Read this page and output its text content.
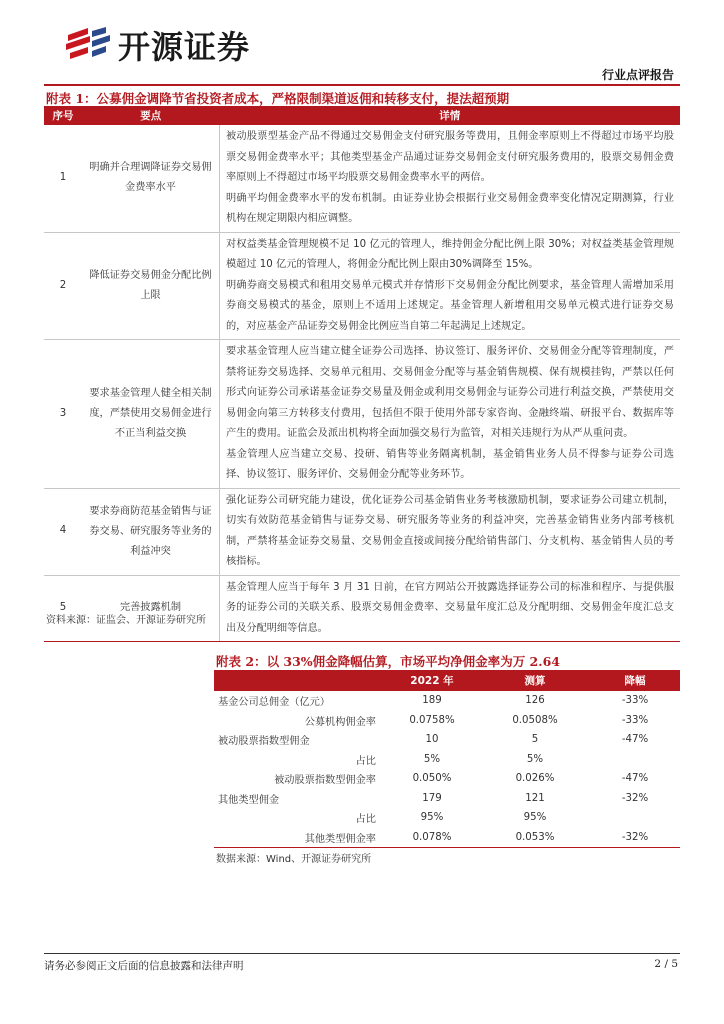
开源证券
行业点评报告
附表 1：公募佣金调降节省投资者成本，严格限制渠道返佣和转移支付，提法超预期
序号	要点	详情
1	明确并合理调降证券交易佣金费率水平	被动股票型基金产品不得通过交易佣金支付研究服务等费用，且佣金率原则上不得超过市场平均股票交易佣金费率水平；其他类型基金产品通过证券交易佣金支付研究服务费用的，股票交易佣金费率原则上不得超过市场平均股票交易佣金费率水平的两倍。

明确平均佣金费率水平的发布机制。由证券业协会根据行业交易佣金费率变化情况定期测算，行业机构在规定期限内相应调整。

2	降低证券交易佣金分配比例上限	对权益类基金管理规模不足 10 亿元的管理人，维持佣金分配比例上限 30%；对权益类基金管理规模超过 10 亿元的管理人，将佣金分配比例上限由30%调降至 15%。

明确券商交易模式和租用交易单元模式并存情形下交易佣金分配比例要求，基金管理人需增加采用券商交易模式的基金，原则上不适用上述规定。基金管理人新增租用交易单元模式进行证券交易的，对应基金产品证券交易佣金比例应当自第二年起满足上述规定。

3	要求基金管理人健全相关制度，严禁使用交易佣金进行不正当利益交换	要求基金管理人应当建立健全证券公司选择、协议签订、服务评价、交易佣金分配等管理制度，严禁将证券交易选择、交易单元租用、交易佣金分配等与基金销售规模、保有规模挂钩，严禁以任何形式向证券公司承诺基金证券交易量及佣金或利用交易佣金与证券公司进行利益交换，严禁使用交易佣金向第三方转移支付费用，包括但不限于使用外部专家咨询、金融终端、研报平台、数据库等产生的费用。证监会及派出机构将全面加强交易行为监管，对相关违规行为从严从重问责。

基金管理人应当建立交易、投研、销售等业务隔离机制，基金销售业务人员不得参与证券公司选择、协议签订、服务评价、交易佣金分配等业务环节。

4	要求券商防范基金销售与证券交易、研究服务等业务的利益冲突	强化证券公司研究能力建设，优化证券公司基金销售业务考核激励机制，要求证券公司建立机制，切实有效防范基金销售与证券交易、研究服务等业务的利益冲突，完善基金销售业务内部考核机制，严禁将基金证券交易量、交易佣金直接或间接分配给销售部门、分支机构、基金销售人员的考核指标。

5	完善披露机制	基金管理人应当于每年 3 月 31 日前，在官方网站公开披露选择证券公司的标准和程序、与提供服务的证券公司的关联关系、股票交易佣金费率、交易量年度汇总及分配明细、交易佣金年度汇总支出及分配明细等信息。

资料来源：证监会、开源证券研究所
附表 2：以 33%佣金降幅估算，市场平均净佣金率为万 2.64
	2022 年	测算	降幅
基金公司总佣金（亿元）	189	126	-33%
公募机构佣金率	0.0758%	0.0508%	-33%
被动股票指数型佣金	10	5	-47%
占比	5%	5%	
被动股票指数型佣金率	0.050%	0.026%	-47%
其他类型佣金	179	121	-32%
占比	95%	95%	
其他类型佣金率	0.078%	0.053%	-32%
数据来源：Wind、开源证券研究所
请务必参阅正文后面的信息披露和法律声明	2 / 5
